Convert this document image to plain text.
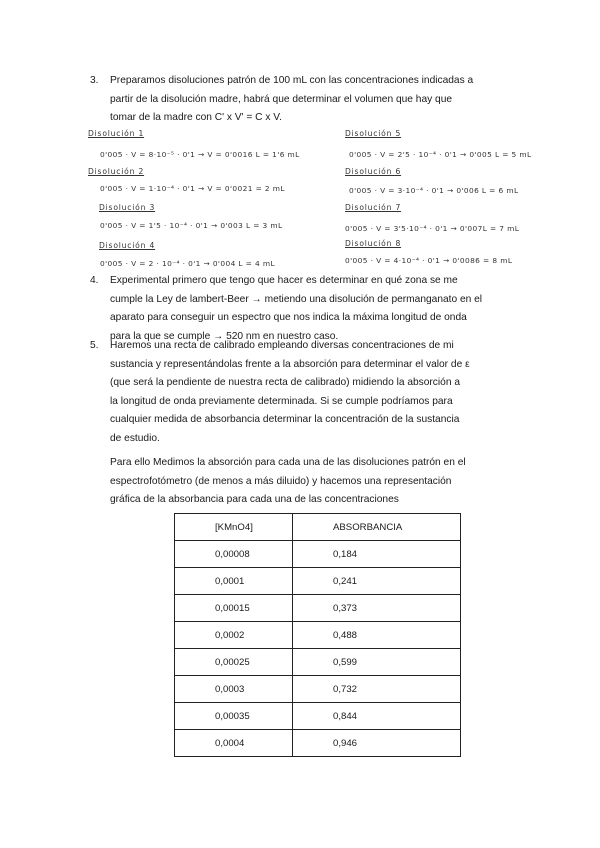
3. Preparamos disoluciones patrón de 100 mL con las concentraciones indicadas a
partir de la disolución madre, habrá que determinar el volumen que hay que
tomar de la madre con C' x V' = C x V.
Disolución 1
0'005 · V = 8·10⁻⁵ · 0'1 → V = 0'0016 L = 1'6 mL
Disolución 2
0'005 · V = 1·10⁻⁴ · 0'1 → V = 0'0021 = 2 mL
Disolución 3
0'005 · V = 1'5 · 10⁻⁴ · 0'1 → 0'003 L = 3 mL
Disolución 4
0'005 · V = 2 · 10⁻⁴ · 0'1 → 0'004 L = 4 mL
Disolución 5
0'005 · V = 2'5 · 10⁻⁴ · 0'1 → 0'005 L = 5 mL
Disolución 6
0'005 · V = 3·10⁻⁴ · 0'1 → 0'006 L = 6 mL
Disolución 7
0'005 · V = 3'5·10⁻⁴ · 0'1 → 0'007L = 7 mL
Disolución 8
0'005 · V = 4·10⁻⁴ · 0'1 → 0'0086 = 8 mL
4. Experimental primero que tengo que hacer es determinar en qué zona se me
cumple la Ley de lambert-Beer → metiendo una disolución de permanganato en el
aparato para conseguir un espectro que nos indica la máxima longitud de onda
para la que se cumple → 520 nm en nuestro caso.
5. Haremos una recta de calibrado empleando diversas concentraciones de mi
sustancia y representándolas frente a la absorción para determinar el valor de ε
(que será la pendiente de nuestra recta de calibrado) midiendo la absorción a
la longitud de onda previamente determinada. Si se cumple podríamos para
cualquier medida de absorbancia determinar la concentración de la sustancia
de estudio.
Para ello Medimos la absorción para cada una de las disoluciones patrón en el
espectrofotómetro (de menos a más diluido) y hacemos una representación
gráfica de la absorbancia para cada una de las concentraciones
[KMnO4]	ABSORBANCIA
0,00008	0,184
0,0001	0,241
0,00015	0,373
0,0002	0,488
0,00025	0,599
0,0003	0,732
0,00035	0,844
0,0004	0,946
